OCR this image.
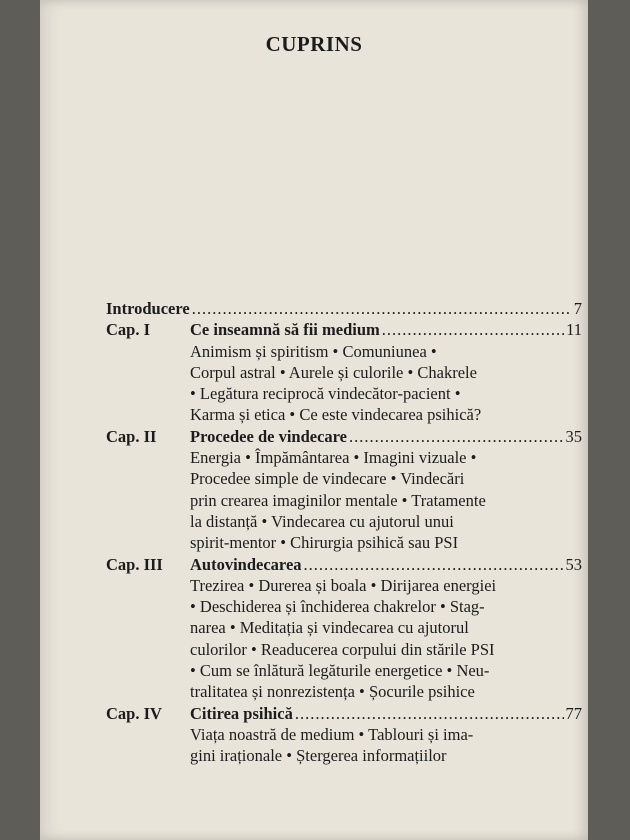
CUPRINS
Introducere .....	7
Cap. I	Ce inseamnă să fii medium .....	11
Animism și spiritism • Comuniunea •
Corpul astral • Aurele și culorile • Chakrele
• Legătura reciprocă vindecător-pacient •
Karma și etica • Ce este vindecarea psihică?
Cap. II	Procedee de vindecare .....	35
Energia • Împământarea • Imagini vizuale •
Procedee simple de vindecare • Vindecări
prin crearea imaginilor mentale • Tratamente
la distanță • Vindecarea cu ajutorul unui
spirit-mentor • Chirurgia psihică sau PSI
Cap. III	Autovindecarea .....	53
Trezirea • Durerea și boala • Dirijarea energiei
• Deschiderea și închiderea chakrelor • Stag-
narea • Meditația și vindecarea cu ajutorul
culorilor • Readucerea corpului din stările PSI
• Cum se înlătură legăturile energetice • Neu-
tralitatea și nonrezistența • Șocurile psihice
Cap. IV	Citirea psihică .....	77
Viața noastră de medium • Tablouri și ima-
gini iraționale • Ștergerea informațiilor
